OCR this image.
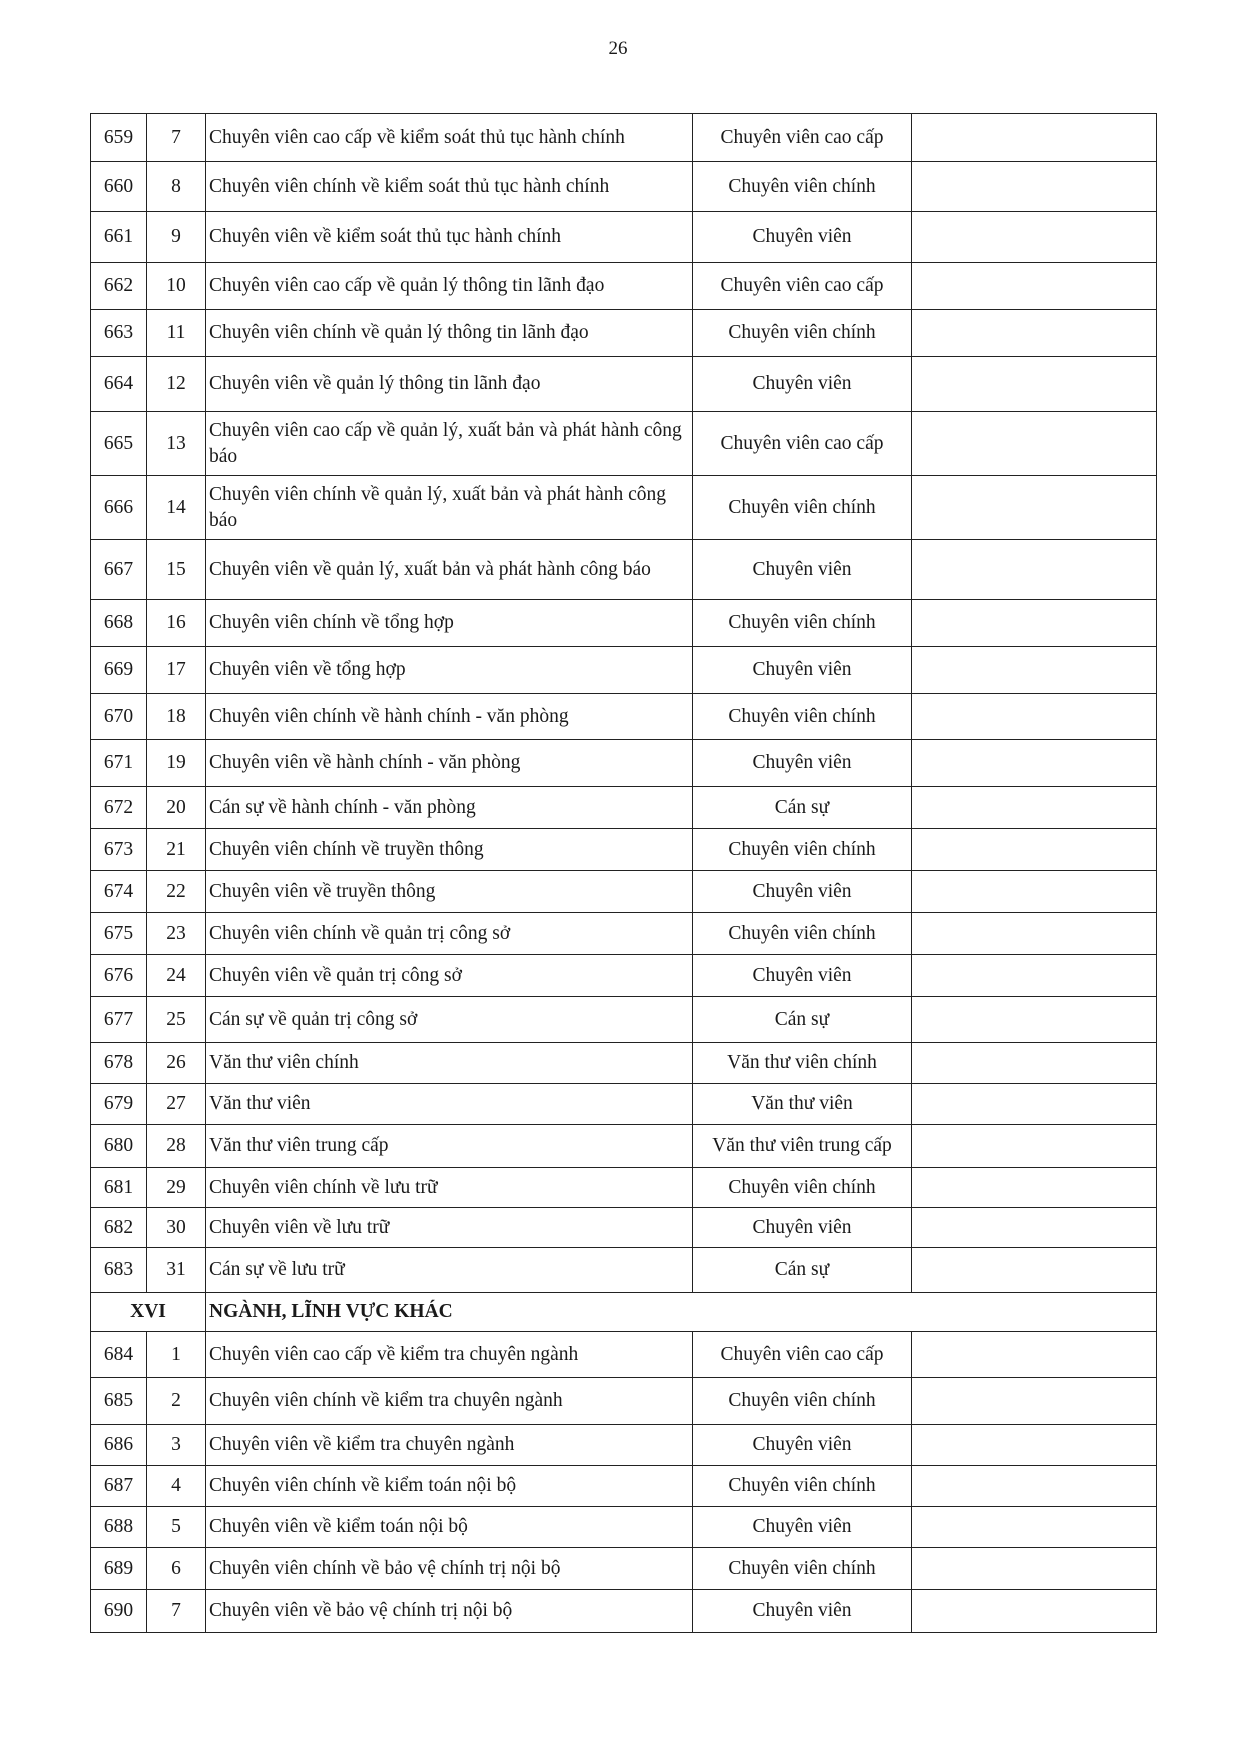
26
659	7	Chuyên viên cao cấp về kiểm soát thủ tục hành chính	Chuyên viên cao cấp	
660	8	Chuyên viên chính về kiểm soát thủ tục hành chính	Chuyên viên chính	
661	9	Chuyên viên về kiểm soát thủ tục hành chính	Chuyên viên	
662	10	Chuyên viên cao cấp về quản lý thông tin lãnh đạo	Chuyên viên cao cấp	
663	11	Chuyên viên chính về quản lý thông tin lãnh đạo	Chuyên viên chính	
664	12	Chuyên viên về quản lý thông tin lãnh đạo	Chuyên viên	
665	13	Chuyên viên cao cấp về quản lý, xuất bản và phát hành công báo	Chuyên viên cao cấp	
666	14	Chuyên viên chính về quản lý, xuất bản và phát hành công báo	Chuyên viên chính	
667	15	Chuyên viên về quản lý, xuất bản và phát hành công báo	Chuyên viên	
668	16	Chuyên viên chính về tổng hợp	Chuyên viên chính	
669	17	Chuyên viên về tổng hợp	Chuyên viên	
670	18	Chuyên viên chính về hành chính - văn phòng	Chuyên viên chính	
671	19	Chuyên viên về hành chính - văn phòng	Chuyên viên	
672	20	Cán sự về hành chính - văn phòng	Cán sự	
673	21	Chuyên viên chính về truyền thông	Chuyên viên chính	
674	22	Chuyên viên về truyền thông	Chuyên viên	
675	23	Chuyên viên chính về quản trị công sở	Chuyên viên chính	
676	24	Chuyên viên về quản trị công sở	Chuyên viên	
677	25	Cán sự về quản trị công sở	Cán sự	
678	26	Văn thư viên chính	Văn thư viên chính	
679	27	Văn thư viên	Văn thư viên	
680	28	Văn thư viên trung cấp	Văn thư viên trung cấp	
681	29	Chuyên viên chính về lưu trữ	Chuyên viên chính	
682	30	Chuyên viên về lưu trữ	Chuyên viên	
683	31	Cán sự về lưu trữ	Cán sự	
XVI		NGÀNH, LĨNH VỰC KHÁC		
684	1	Chuyên viên cao cấp về kiểm tra chuyên ngành	Chuyên viên cao cấp	
685	2	Chuyên viên chính về kiểm tra chuyên ngành	Chuyên viên chính	
686	3	Chuyên viên về kiểm tra chuyên ngành	Chuyên viên	
687	4	Chuyên viên chính về kiểm toán nội bộ	Chuyên viên chính	
688	5	Chuyên viên về kiểm toán nội bộ	Chuyên viên	
689	6	Chuyên viên chính về bảo vệ chính trị nội bộ	Chuyên viên chính	
690	7	Chuyên viên về bảo vệ chính trị nội bộ	Chuyên viên	
